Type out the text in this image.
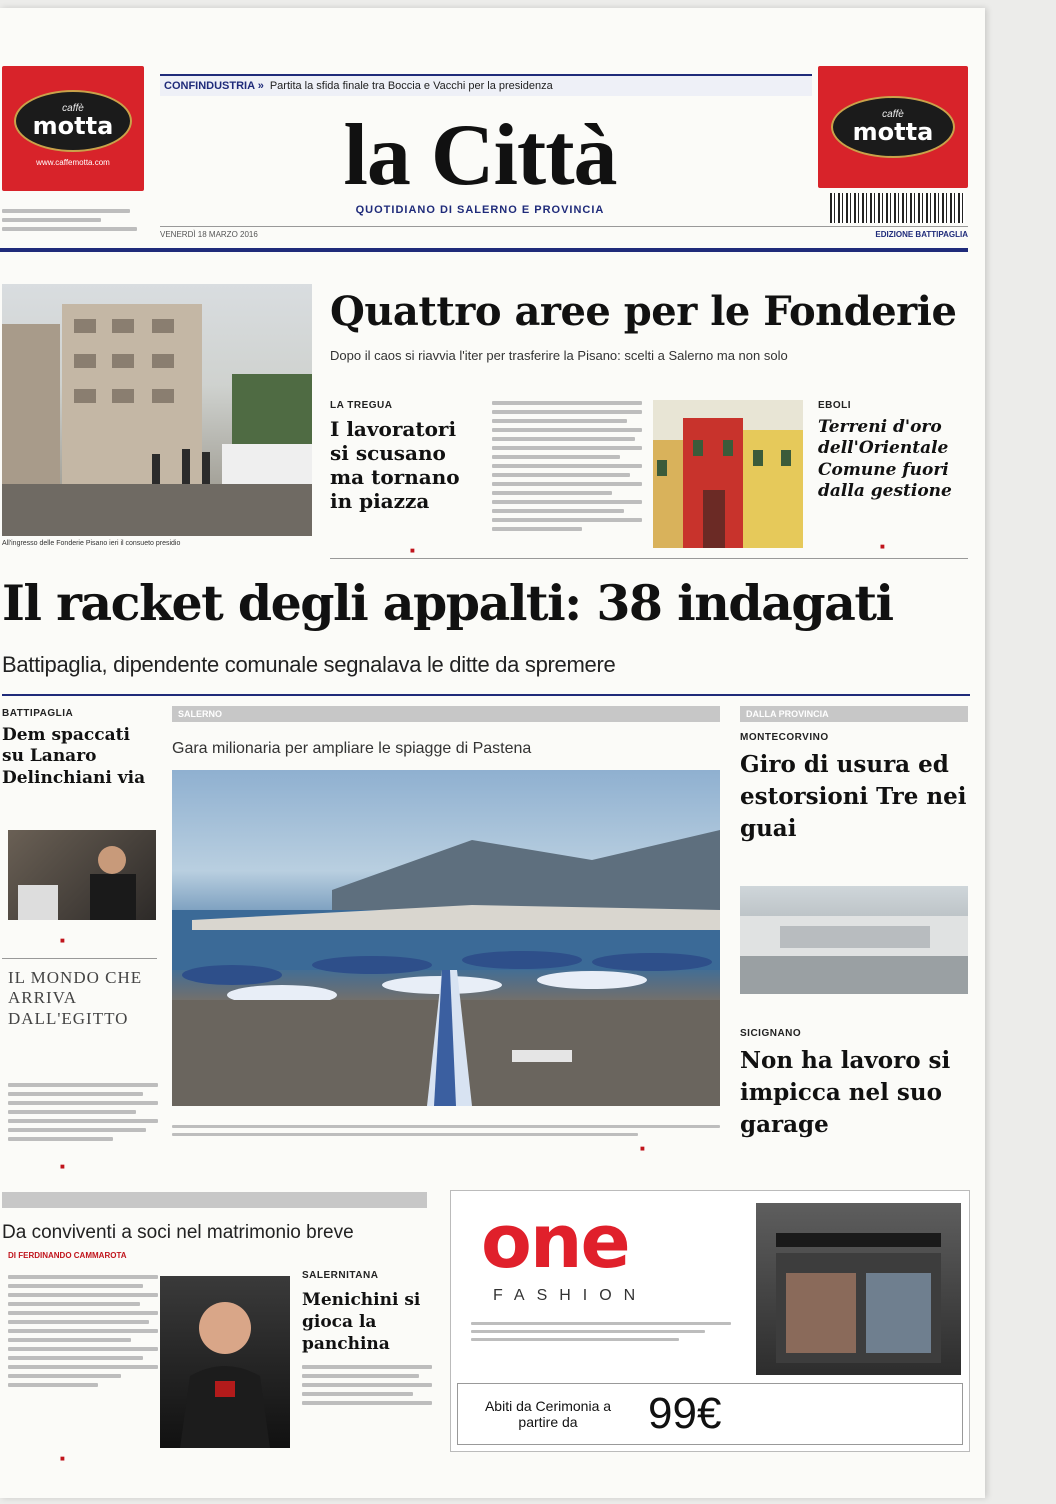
caffè
motta
www.caffemotta.com
CONFINDUSTRIA » Partita la sfida finale tra Boccia e Vacchi per la presidenza
la Città
QUOTIDIANO DI SALERNO E PROVINCIA
VENERDÌ 18 MARZO 2016	EDIZIONE BATTIPAGLIA
caffè
motta
All'ingresso delle Fonderie Pisano ieri il consueto presidio
Quattro aree per le Fonderie
Dopo il caos si riavvia l'iter per trasferire la Pisano: scelti a Salerno ma non solo
LA TREGUA
I lavoratori si scusano ma tornano in piazza
EBOLI
Terreni d'oro dell'Orientale Comune fuori dalla gestione
Il racket degli appalti: 38 indagati
Battipaglia, dipendente comunale segnalava le ditte da spremere
BATTIPAGLIA
Dem spaccati su Lanaro Delinchiani via
IL MONDO CHE ARRIVA DALL'EGITTO
SALERNO
Gara milionaria per ampliare le spiagge di Pastena
DALLA PROVINCIA
MONTECORVINO
Giro di usura ed estorsioni Tre nei guai
SICIGNANO
Non ha lavoro si impicca nel suo garage
Da conviventi a soci nel matrimonio breve
DI FERDINANDO CAMMAROTA
SALERNITANA
Menichini si gioca la panchina
one
FASHION
Abiti da Cerimonia a partire da	99€
■
■
■
■
■
■
